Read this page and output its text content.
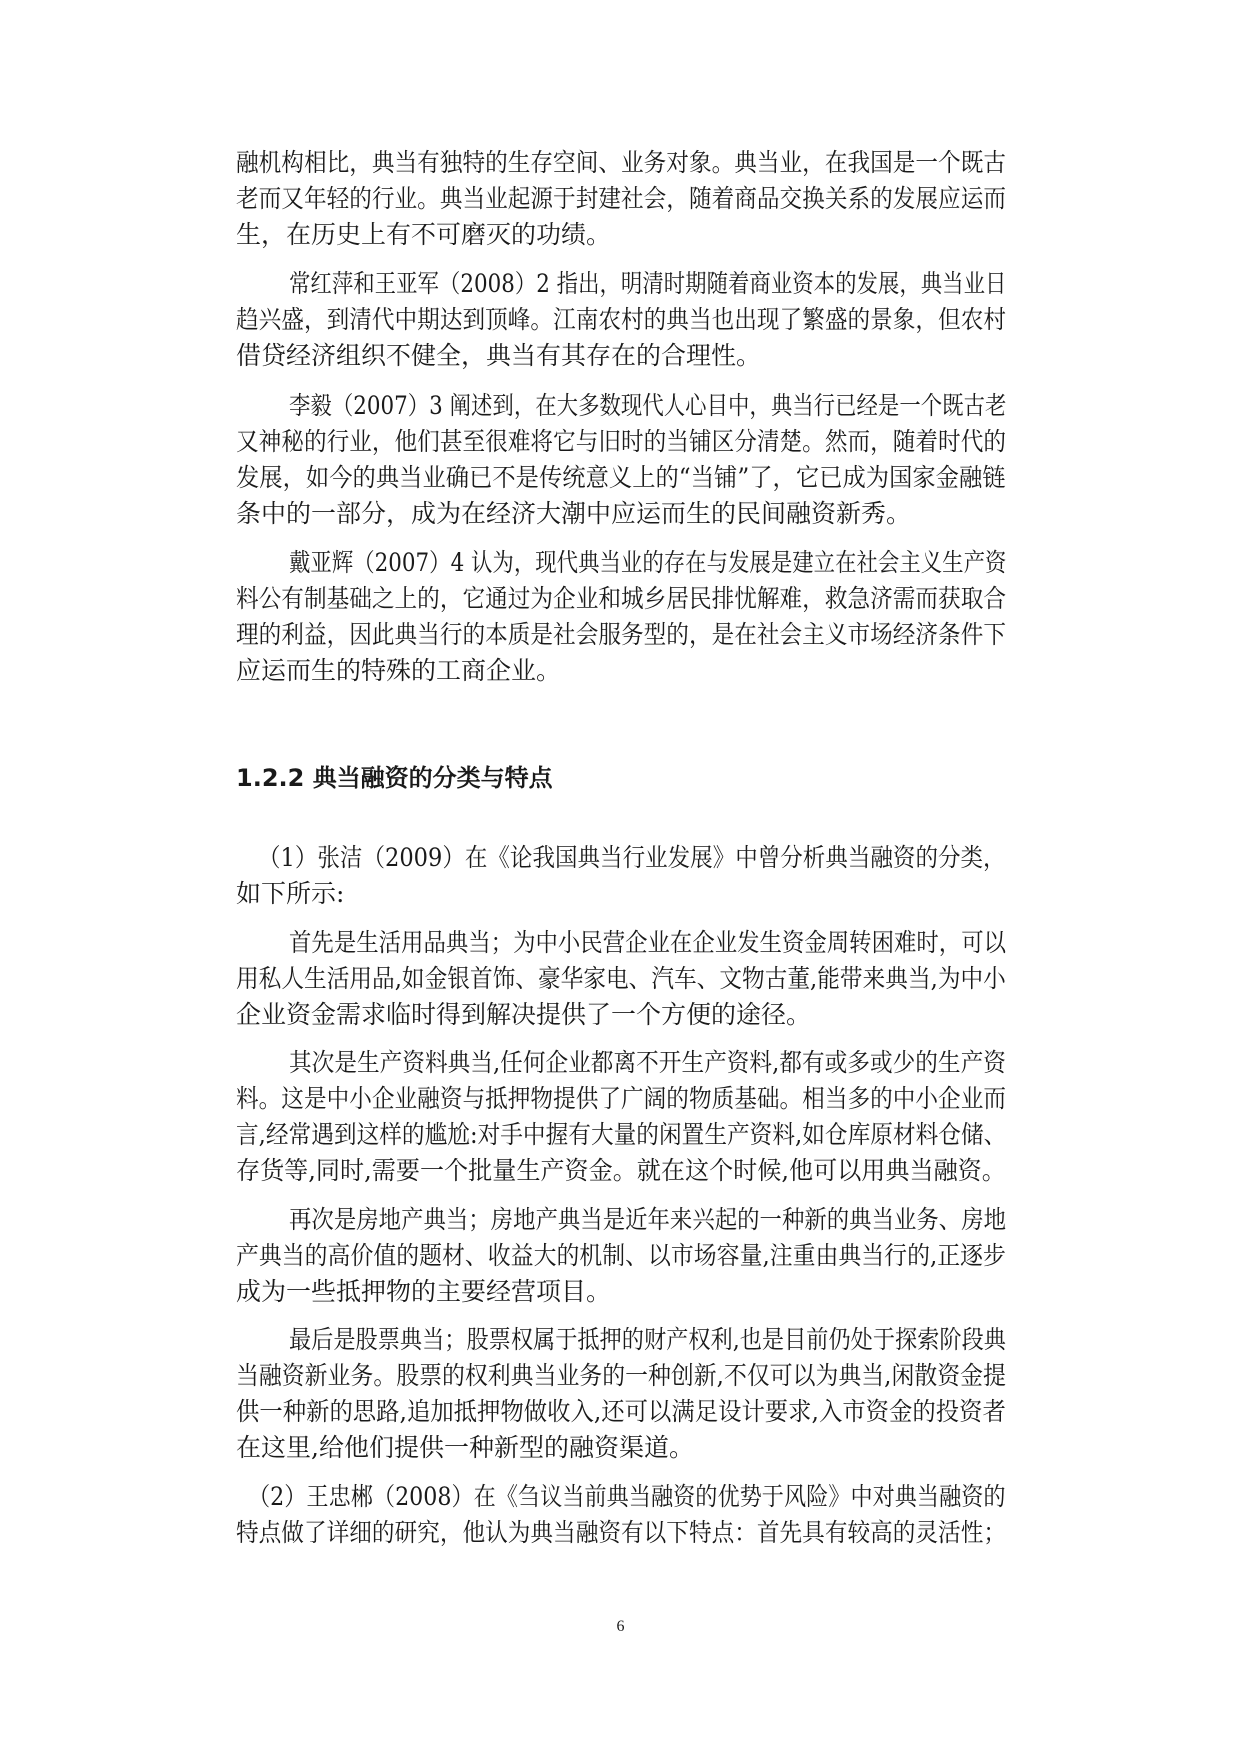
融机构相比，典当有独特的生存空间、业务对象。典当业，在我国是一个既古
老而又年轻的行业。典当业起源于封建社会，随着商品交换关系的发展应运而
生，在历史上有不可磨灭的功绩。
常红萍和王亚军（2008）2 指出，明清时期随着商业资本的发展，典当业日
趋兴盛，到清代中期达到顶峰。江南农村的典当也出现了繁盛的景象，但农村
借贷经济组织不健全，典当有其存在的合理性。
李毅（2007）3 阐述到，在大多数现代人心目中，典当行已经是一个既古老
又神秘的行业，他们甚至很难将它与旧时的当铺区分清楚。然而，随着时代的
发展，如今的典当业确已不是传统意义上的“当铺”了，它已成为国家金融链
条中的一部分，成为在经济大潮中应运而生的民间融资新秀。
戴亚辉（2007）4 认为，现代典当业的存在与发展是建立在社会主义生产资
料公有制基础之上的，它通过为企业和城乡居民排忧解难，救急济需而获取合
理的利益，因此典当行的本质是社会服务型的，是在社会主义市场经济条件下
应运而生的特殊的工商企业。
1.2.2 典当融资的分类与特点
（1）张洁（2009）在《论我国典当行业发展》中曾分析典当融资的分类，
如下所示:
首先是生活用品典当；为中小民营企业在企业发生资金周转困难时，可以
用私人生活用品,如金银首饰、豪华家电、汽车、文物古董,能带来典当,为中小
企业资金需求临时得到解决提供了一个方便的途径。
其次是生产资料典当,任何企业都离不开生产资料,都有或多或少的生产资
料。这是中小企业融资与抵押物提供了广阔的物质基础。相当多的中小企业而
言,经常遇到这样的尴尬:对手中握有大量的闲置生产资料,如仓库原材料仓储、
存货等,同时,需要一个批量生产资金。就在这个时候,他可以用典当融资。
再次是房地产典当；房地产典当是近年来兴起的一种新的典当业务、房地
产典当的高价值的题材、收益大的机制、以市场容量,注重由典当行的,正逐步
成为一些抵押物的主要经营项目。
最后是股票典当；股票权属于抵押的财产权利,也是目前仍处于探索阶段典
当融资新业务。股票的权利典当业务的一种创新,不仅可以为典当,闲散资金提
供一种新的思路,追加抵押物做收入,还可以满足设计要求,入市资金的投资者
在这里,给他们提供一种新型的融资渠道。
（2）王忠郴（2008）在《刍议当前典当融资的优势于风险》中对典当融资的
特点做了详细的研究，他认为典当融资有以下特点：首先具有较高的灵活性；
6
